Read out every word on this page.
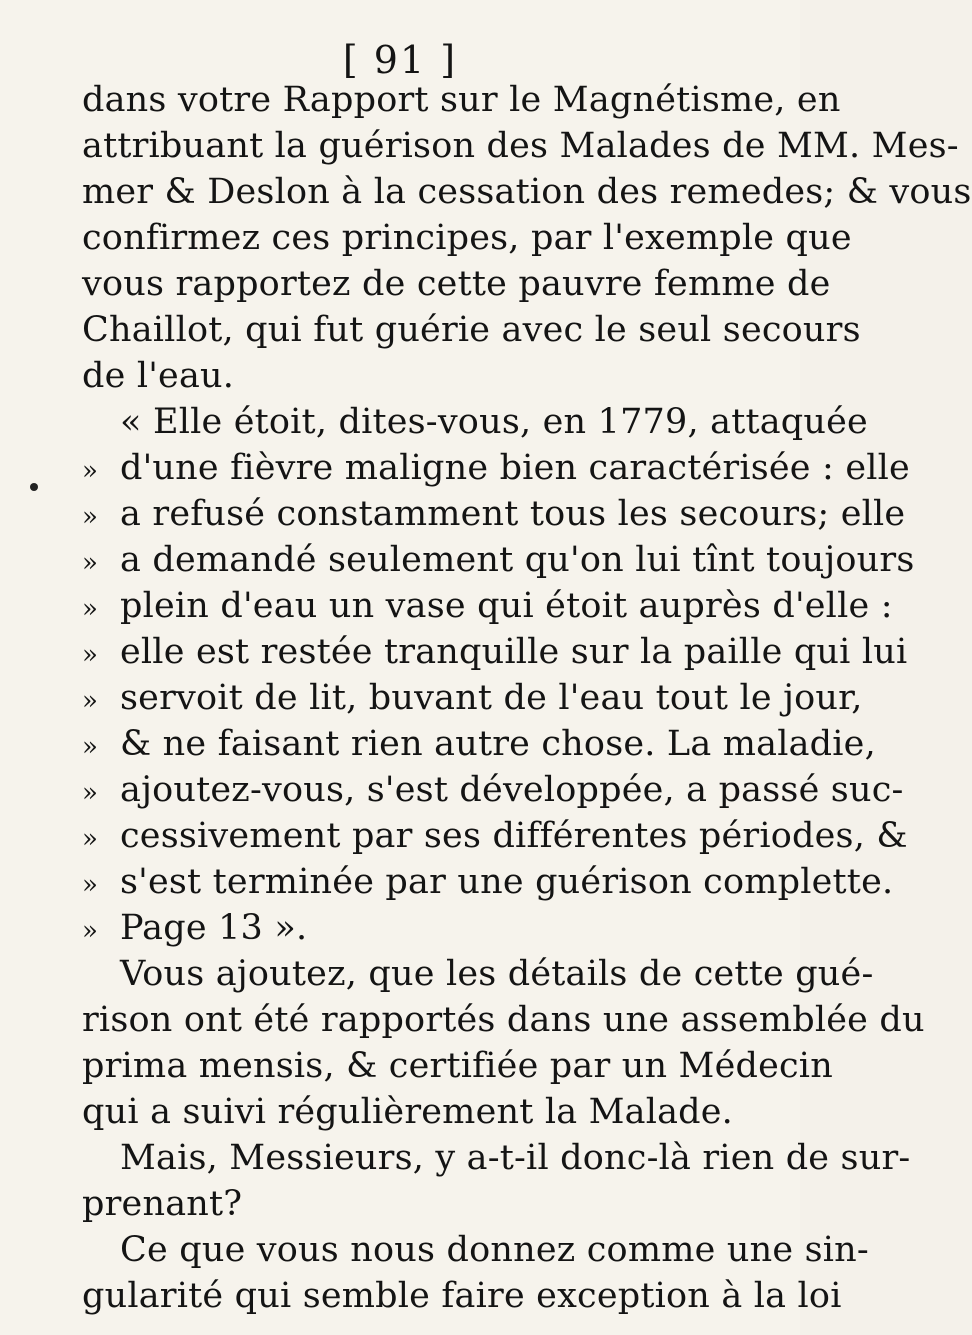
[ 91 ]
dans votre Rapport sur le Magnétisme, en
attribuant la guérison des Malades de MM. Mes-
mer & Deslon à la cessation des remedes; & vous
confirmez ces principes, par l'exemple que
vous rapportez de cette pauvre femme de
Chaillot, qui fut guérie avec le seul secours
de l'eau.
« Elle étoit, dites-vous, en 1779, attaquée
» d'une fièvre maligne bien caractérisée : elle
» a refusé constamment tous les secours; elle
» a demandé seulement qu'on lui tînt toujours
» plein d'eau un vase qui étoit auprès d'elle :
» elle est restée tranquille sur la paille qui lui
» servoit de lit, buvant de l'eau tout le jour,
» & ne faisant rien autre chose. La maladie,
» ajoutez-vous, s'est développée, a passé suc-
» cessivement par ses différentes périodes, &
» s'est terminée par une guérison complette.
» Page 13 ».
Vous ajoutez, que les détails de cette gué-
rison ont été rapportés dans une assemblée du
prima mensis, & certifiée par un Médecin
qui a suivi régulièrement la Malade.
Mais, Messieurs, y a-t-il donc-là rien de sur-
prenant?
Ce que vous nous donnez comme une sin-
gularité qui semble faire exception à la loi
